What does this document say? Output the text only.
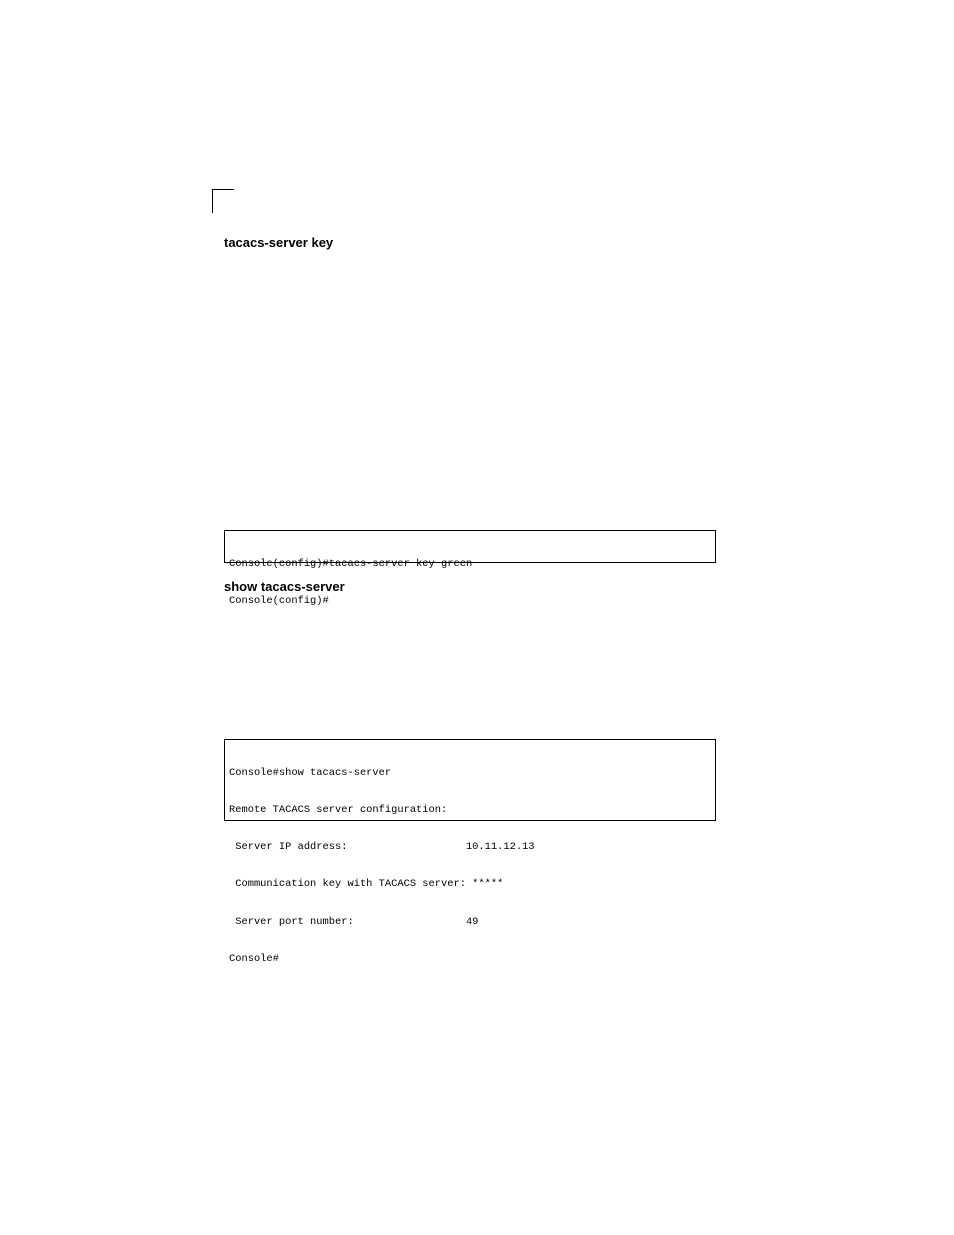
tacacs-server key

Console(config)#tacacs-server key green

Console(config)#

show tacacs-server

Console#show tacacs-server

Remote TACACS server configuration:

Server IP address:                   10.11.12.13

Communication key with TACACS server: *****

Server port number:                  49

Console#
